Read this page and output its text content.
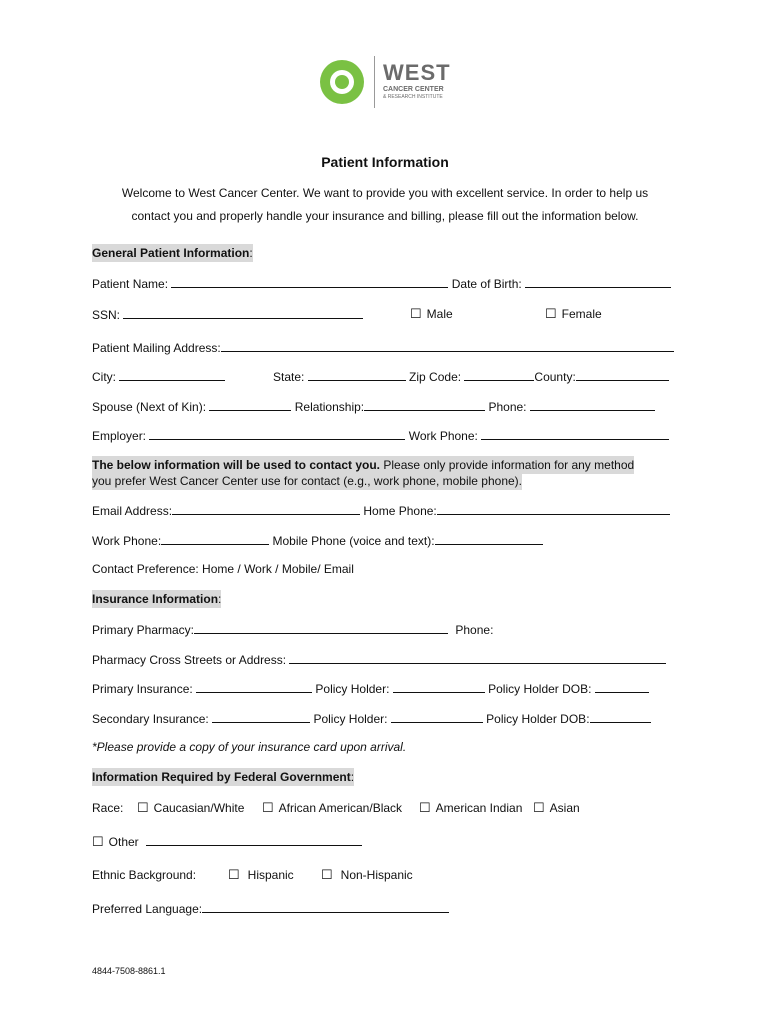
WEST
CANCER CENTER
& RESEARCH INSTITUTE
Patient Information
Welcome to West Cancer Center. We want to provide you with excellent service. In order to help us
contact you and properly handle your insurance and billing, please fill out the information below.
General Patient Information:
Patient Name:	Date of Birth:
SSN:	☐ Male	☐ Female
Patient Mailing Address:
City:	State:	Zip Code:	County:
Spouse (Next of Kin):	Relationship:	Phone:
Employer:	Work Phone:
The below information will be used to contact you. Please only provide information for any method
you prefer West Cancer Center use for contact (e.g., work phone, mobile phone).
Email Address:	Home Phone:
Work Phone:	Mobile Phone (voice and text):
Contact Preference: Home / Work / Mobile/ Email
Insurance Information:
Primary Pharmacy:	Phone:
Pharmacy Cross Streets or Address:
Primary Insurance:	Policy Holder:	Policy Holder DOB:
Secondary Insurance:	Policy Holder:	Policy Holder DOB:
*Please provide a copy of your insurance card upon arrival.
Information Required by Federal Government:
Race: ☐ Caucasian/White ☐ African American/Black ☐ American Indian ☐ Asian
☐ Other
Ethnic Background: ☐ Hispanic ☐ Non-Hispanic
Preferred Language:
4844-7508-8861.1
